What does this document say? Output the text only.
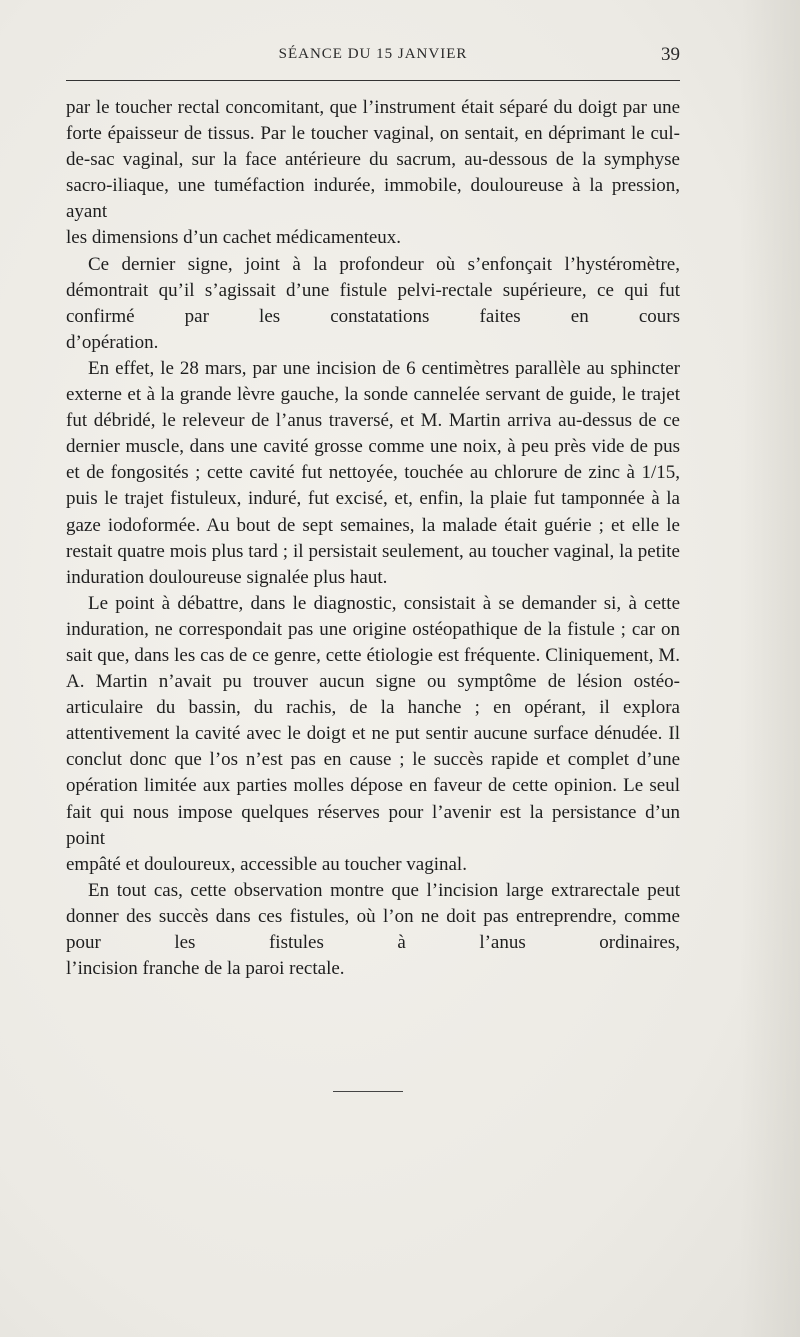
SÉANCE DU 15 JANVIER	39

par le toucher rectal concomitant, que l’instrument était séparé du doigt par une forte épaisseur de tissus. Par le toucher vaginal, on sentait, en déprimant le cul-de-sac vaginal, sur la face antérieure du sacrum, au-dessous de la symphyse sacro-iliaque, une tuméfaction indurée, immobile, douloureuse à la pression, ayant
les dimensions d’un cachet médicamenteux.

Ce dernier signe, joint à la profondeur où s’enfonçait l’hystéromètre, démontrait qu’il s’agissait d’une fistule pelvi-rectale supérieure, ce qui fut confirmé par les constatations faites en cours
d’opération.

En effet, le 28 mars, par une incision de 6 centimètres parallèle au sphincter externe et à la grande lèvre gauche, la sonde cannelée servant de guide, le trajet fut débridé, le releveur de l’anus traversé, et M. Martin arriva au-dessus de ce dernier muscle, dans une cavité grosse comme une noix, à peu près vide de pus et de fongosités ; cette cavité fut nettoyée, touchée au chlorure de zinc à 1/15, puis le trajet fistuleux, induré, fut excisé, et, enfin, la plaie fut tamponnée à la gaze iodoformée. Au bout de sept semaines, la malade était guérie ; et elle le restait quatre mois plus tard ; il persistait seulement, au toucher vaginal, la petite
induration douloureuse signalée plus haut.

Le point à débattre, dans le diagnostic, consistait à se demander si, à cette induration, ne correspondait pas une origine ostéopathique de la fistule ; car on sait que, dans les cas de ce genre, cette étiologie est fréquente. Cliniquement, M. A. Martin n’avait pu trouver aucun signe ou symptôme de lésion ostéo-articulaire du bassin, du rachis, de la hanche ; en opérant, il explora attentivement la cavité avec le doigt et ne put sentir aucune surface dénudée. Il conclut donc que l’os n’est pas en cause ; le succès rapide et complet d’une opération limitée aux parties molles dépose en faveur de cette opinion. Le seul fait qui nous impose quelques réserves pour l’avenir est la persistance d’un point
empâté et douloureux, accessible au toucher vaginal.

En tout cas, cette observation montre que l’incision large extrarectale peut donner des succès dans ces fistules, où l’on ne doit pas entreprendre, comme pour les fistules à l’anus ordinaires,
l’incision franche de la paroi rectale.
